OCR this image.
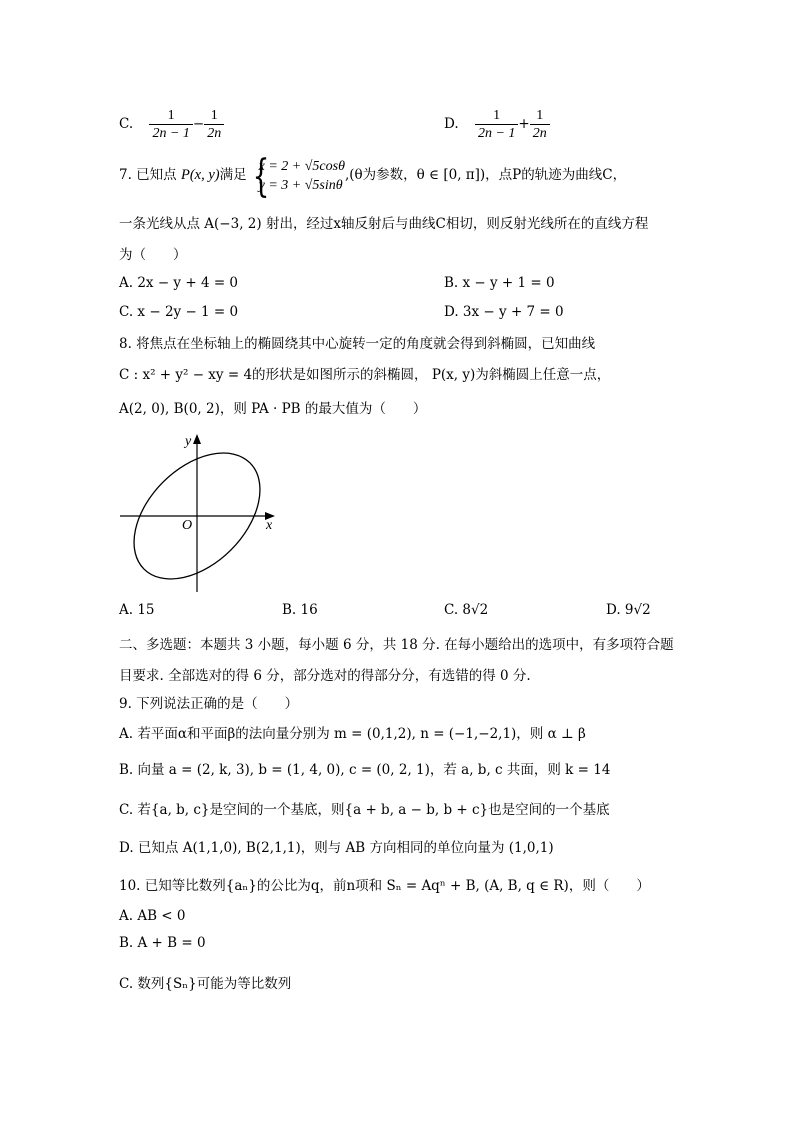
C. $\frac{1}{2n - 1} - \frac{1}{2n}$	D. $\frac{1}{2n - 1} + \frac{1}{2n}$
7. 已知点 P(x, y)满足 {
x = 2 + √5cosθ
y = 3 + √5sinθ
,(θ为参数，θ ∈ [0, π])，点P的轨迹为曲线C，
一条光线从点 A(−3, 2) 射出，经过x轴反射后与曲线C相切，则反射光线所在的直线方程
为（　　）
A. 2x − y + 4 = 0	B. x − y + 1 = 0
C. x − 2y − 1 = 0	D. 3x − y + 7 = 0
8. 将焦点在坐标轴上的椭圆绕其中心旋转一定的角度就会得到斜椭圆，已知曲线
C : x² + y² − xy = 4的形状是如图所示的斜椭圆， P(x, y)为斜椭圆上任意一点，
A(2, 0), B(0, 2)，则 PA · PB 的最大值为（　　）
y
x
O
A. 15	B. 16	C. 8√2	D. 9√2
二、多选题：本题共 3 小题，每小题 6 分，共 18 分. 在每小题给出的选项中，有多项符合题
目要求. 全部选对的得 6 分，部分选对的得部分分，有选错的得 0 分.
9. 下列说法正确的是（　　）
A. 若平面α和平面β的法向量分别为 m = (0,1,2), n = (−1,−2,1)，则 α ⊥ β
B. 向量 a = (2, k, 3), b = (1, 4, 0), c = (0, 2, 1)，若 a, b, c 共面，则 k = 14
C. 若{a, b, c}是空间的一个基底，则{a + b, a − b, b + c}也是空间的一个基底
D. 已知点 A(1,1,0), B(2,1,1)，则与 AB 方向相同的单位向量为 (1,0,1)
10. 已知等比数列{aₙ}的公比为q，前n项和 Sₙ = Aqⁿ + B, (A, B, q ∈ R)，则（　　）
A. AB < 0
B. A + B = 0
C. 数列{Sₙ}可能为等比数列
